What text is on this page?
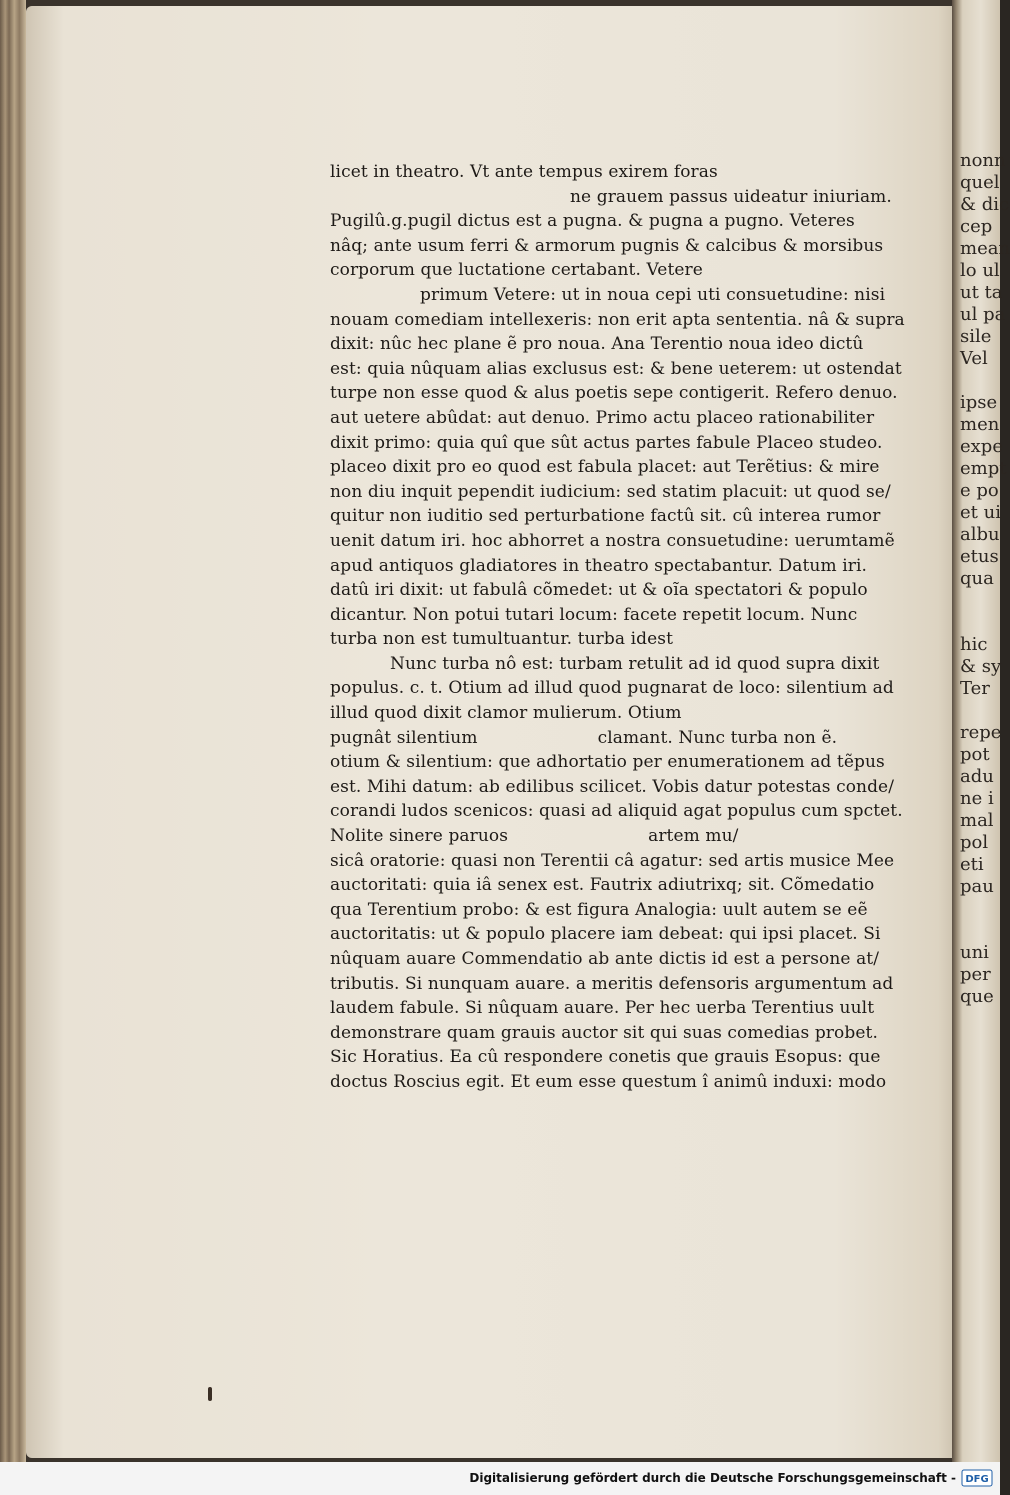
nonn
quel
& dic
cep
mean
lo ul
ut ta
ul pa
sile
Vel

ipse
men
expe
empt
e po
et ui
albu
etus
qua

hic
& sy
Ter

repe
pot
adu
ne i
mal
pol
eti
pau

uni
per
que
licet in theatro. Vt ante tempus exirem foras
ne grauem passus uideatur iniuriam.
Pugilû.g.pugil dictus est a pugna. & pugna a pugno. Veteres
nâq; ante usum ferri & armorum pugnis & calcibus & morsibus
corporum que luctatione certabant. Vetere
primum Vetere: ut in noua cepi uti consuetudine: nisi
nouam comediam intellexeris: non erit apta sententia. nâ & supra
dixit: nûc hec plane ẽ pro noua. Ana Terentio noua ideo dictû
est: quia nûquam alias exclusus est: & bene ueterem: ut ostendat
turpe non esse quod & alus poetis sepe contigerit. Refero denuo.
aut uetere abûdat: aut denuo. Primo actu placeo rationabiliter
dixit primo: quia quî que sût actus partes fabule Placeo studeo.
placeo dixit pro eo quod est fabula placet: aut Terẽtius: & mire
non diu inquit pependit iudicium: sed statim placuit: ut quod se/
quitur non iuditio sed perturbatione factû sit. cû interea rumor
uenit datum iri. hoc abhorret a nostra consuetudine: uerumtamẽ
apud antiquos gladiatores in theatro spectabantur. Datum iri.
datû iri dixit: ut fabulâ cõmedet: ut & oĩa spectatori & populo
dicantur. Non potui tutari locum: facete repetit locum. Nunc
turba non est tumultuantur. turba idest
Nunc turba nô est: turbam retulit ad id quod supra dixit
populus. c. t. Otium ad illud quod pugnarat de loco: silentium ad
illud quod dixit clamor mulierum. Otium
pugnât silentium	clamant. Nunc turba non ẽ.
otium & silentium: que adhortatio per enumerationem ad tẽpus
est. Mihi datum: ab edilibus scilicet. Vobis datur potestas conde/
corandi ludos scenicos: quasi ad aliquid agat populus cum spctet.
Nolite sinere paruos	artem mu/
sicâ oratorie: quasi non Terentii câ agatur: sed artis musice Mee
auctoritati: quia iâ senex est. Fautrix adiutrixq; sit. Cõmedatio
qua Terentium probo: & est figura Analogia: uult autem se eẽ
auctoritatis: ut & populo placere iam debeat: qui ipsi placet. Si
nûquam auare Commendatio ab ante dictis id est a persone at/
tributis. Si nunquam auare. a meritis defensoris argumentum ad
laudem fabule. Si nûquam auare. Per hec uerba Terentius uult
demonstrare quam grauis auctor sit qui suas comedias probet.
Sic Horatius. Ea cû respondere conetis que grauis Esopus: que
doctus Roscius egit. Et eum esse questum î animû induxi: modo
Digitalisierung gefördert durch die Deutsche Forschungsgemeinschaft - DFG
